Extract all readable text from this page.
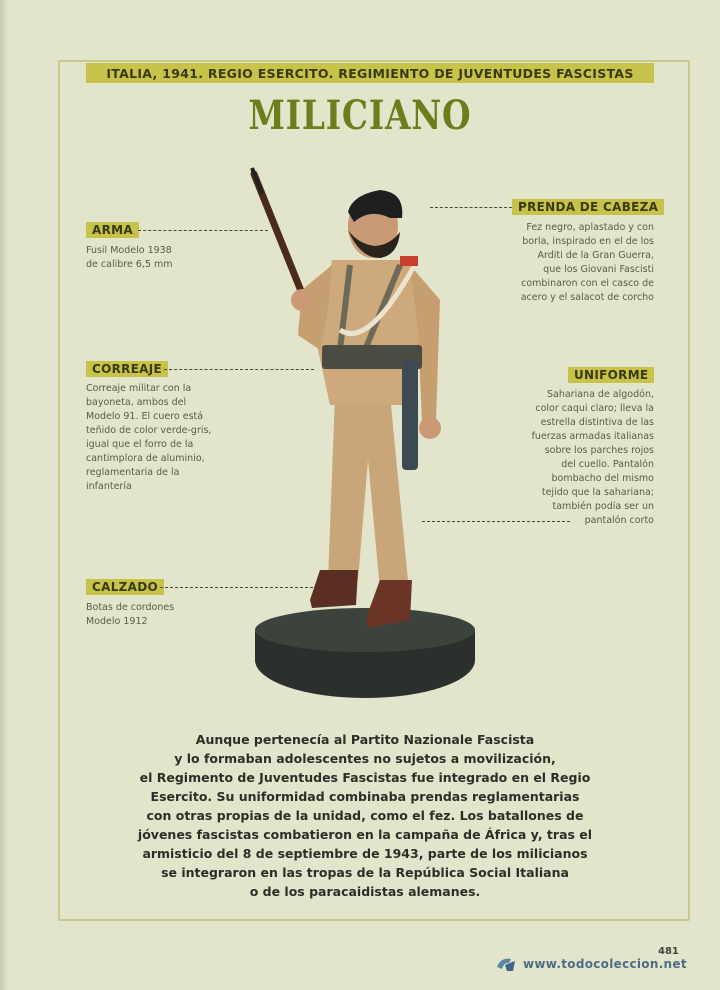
ITALIA, 1941. REGIO ESERCITO. REGIMIENTO DE JUVENTUDES FASCISTAS
MILICIANO
ARMA
Fusil Modelo 1938
de calibre 6,5 mm
CORREAJE
Correaje militar con la
bayoneta, ambos del
Modelo 91. El cuero está
teñido de color verde-gris,
igual que el forro de la
cantimplora de aluminio,
reglamentaria de la
infantería
CALZADO
Botas de cordones
Modelo 1912
PRENDA DE CABEZA
Fez negro, aplastado y con
borla, inspirado en el de los
Arditi de la Gran Guerra,
que los Giovani Fascisti
combinaron con el casco de
acero y el salacot de corcho
UNIFORME
Sahariana de algodón,
color caqui claro; lleva la
estrella distintiva de las
fuerzas armadas italianas
sobre los parches rojos
del cuello. Pantalón
bombacho del mismo
tejido que la sahariana;
también podía ser un
pantalón corto
Aunque pertenecía al Partito Nazionale Fascista
y lo formaban adolescentes no sujetos a movilización,
el Regimento de Juventudes Fascistas fue integrado en el Regio
Esercito. Su uniformidad combinaba prendas reglamentarias
con otras propias de la unidad, como el fez. Los batallones de
jóvenes fascistas combatieron en la campaña de África y, tras el
armisticio del 8 de septiembre de 1943, parte de los milicianos
se integraron en las tropas de la República Social Italiana
o de los paracaidistas alemanes.
481
www.todocoleccion.net
